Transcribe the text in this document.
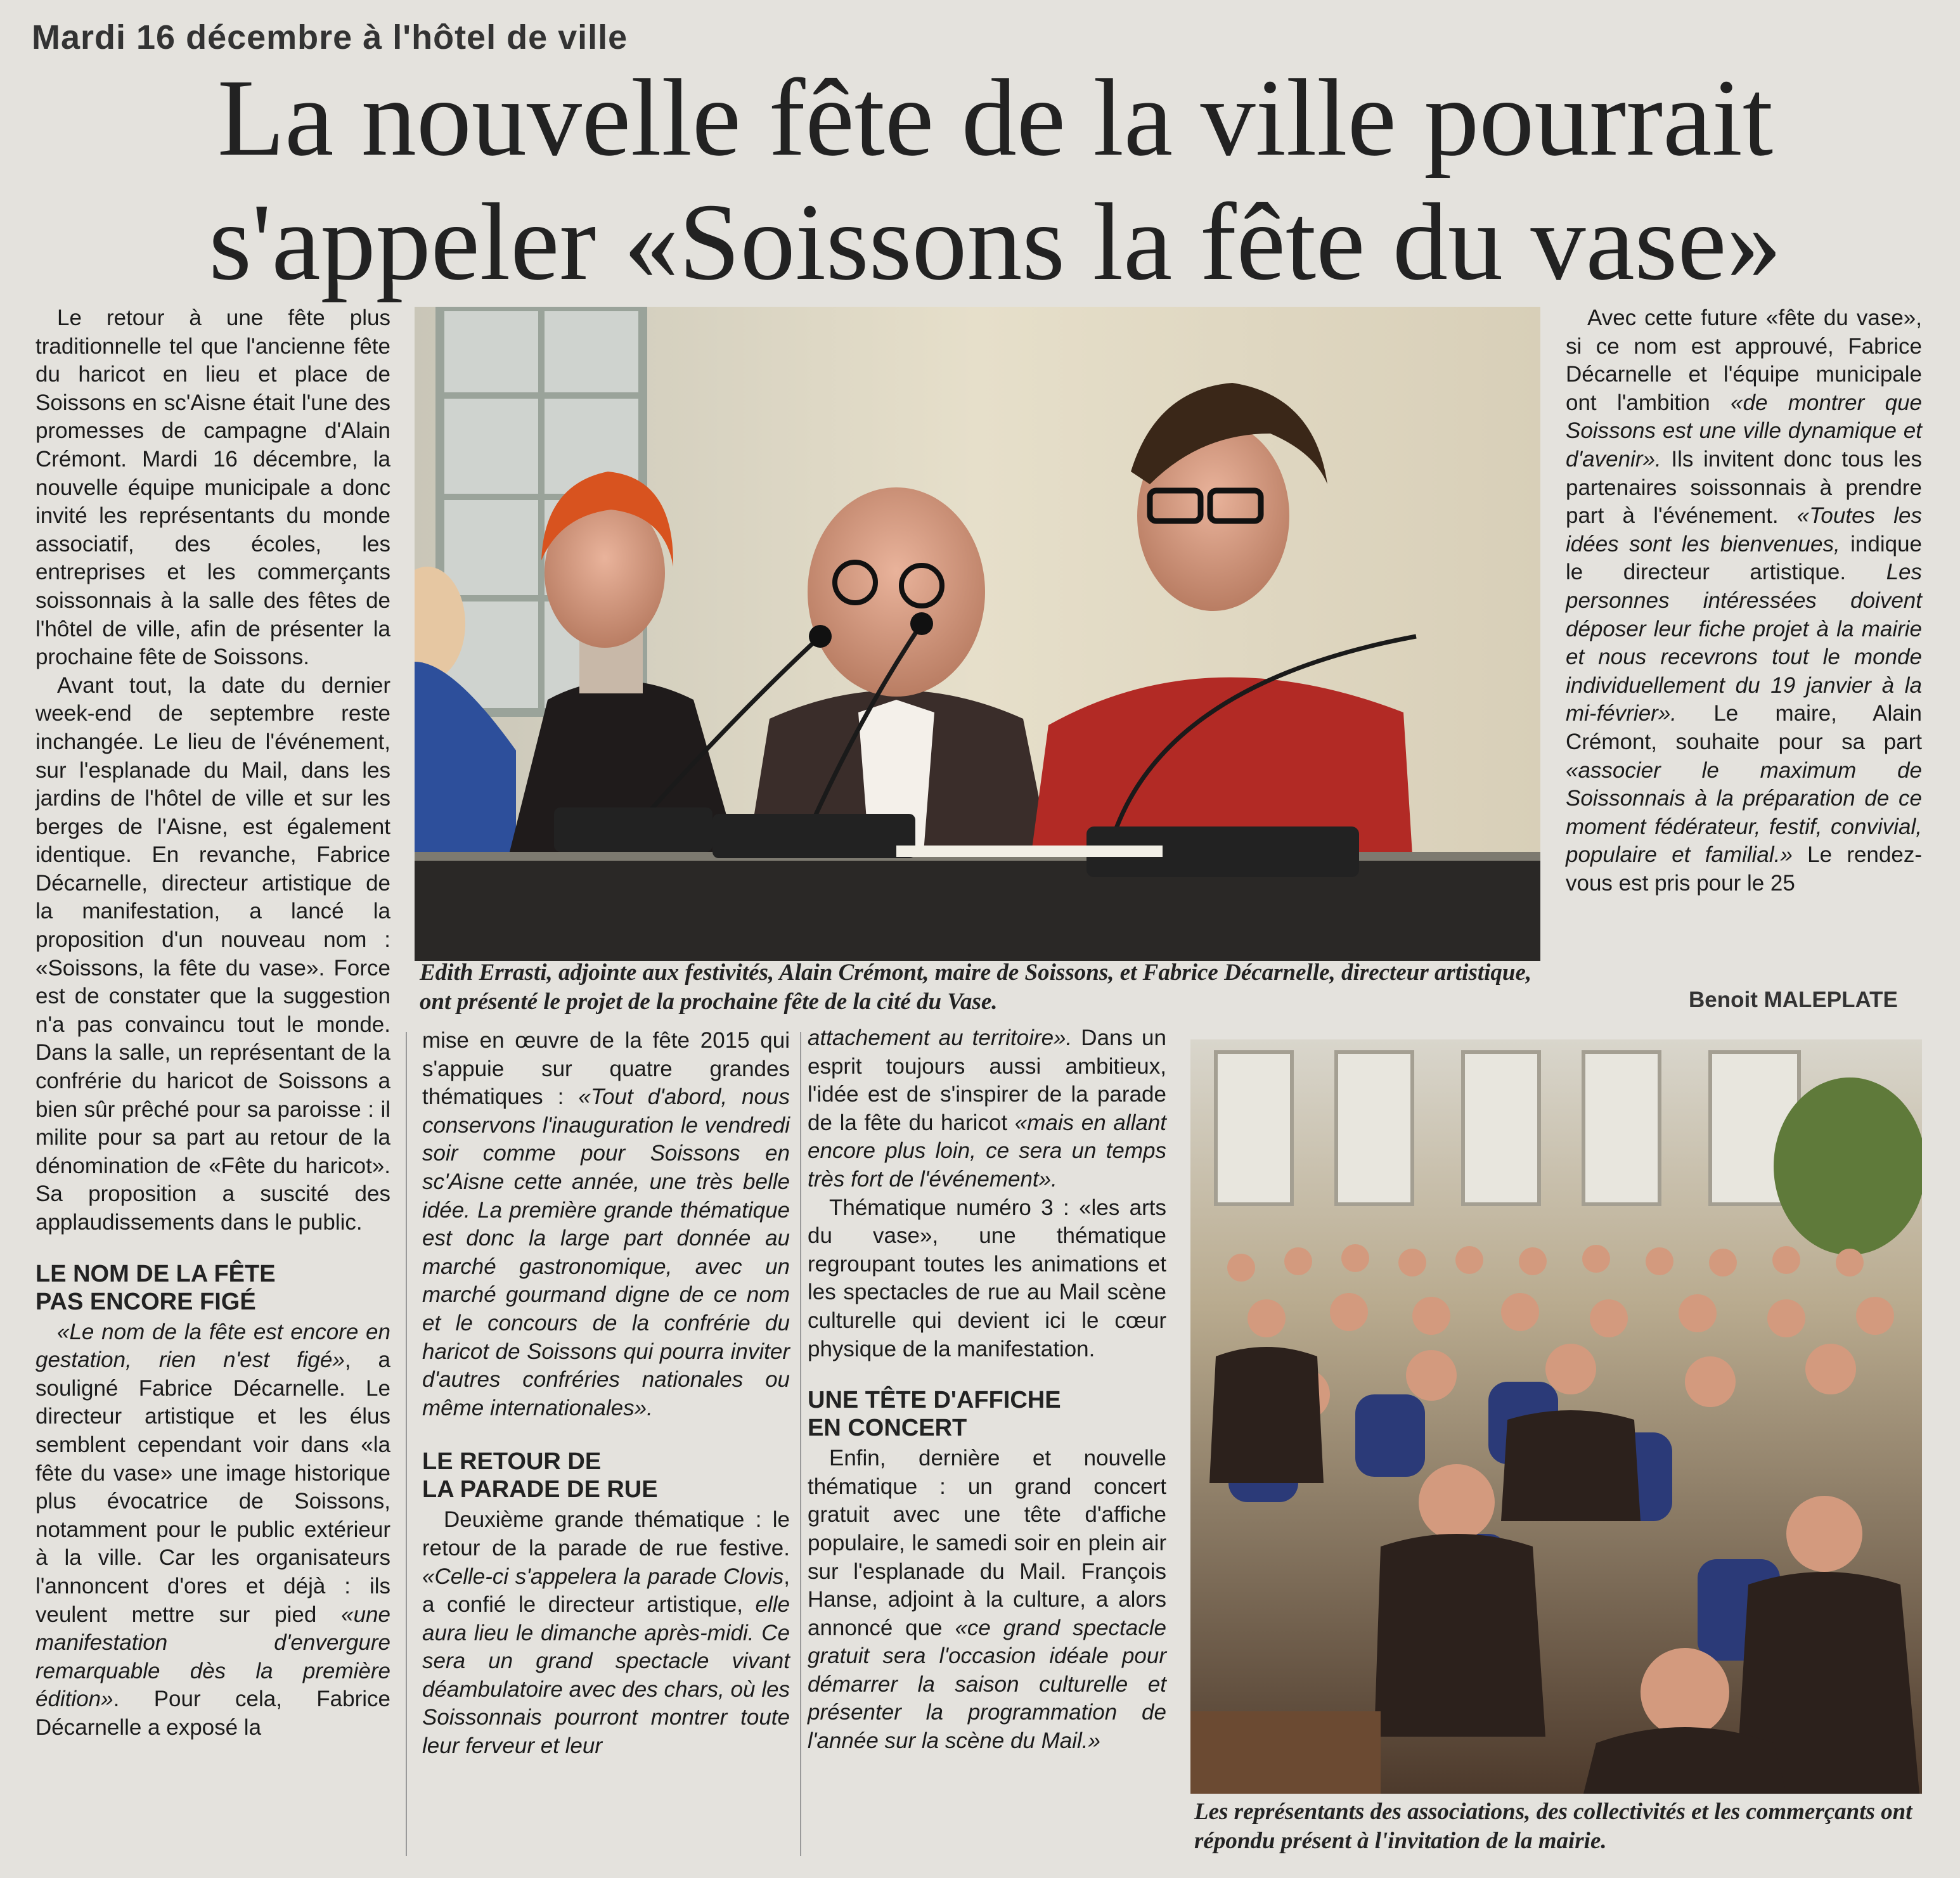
Mardi 16 décembre à l'hôtel de ville
La nouvelle fête de la ville pourrait
s'appeler «Soissons la fête du vase»

Le retour à une fête plus traditionnelle tel que l'ancienne fête du haricot en lieu et place de Soissons en sc'Aisne était l'une des promesses de campagne d'Alain Crémont. Mardi 16 décembre, la nouvelle équipe municipale a donc invité les représentants du monde associatif, des écoles, les entreprises et les commerçants soissonnais à la salle des fêtes de l'hôtel de ville, afin de présenter la prochaine fête de Soissons.

Avant tout, la date du dernier week-end de septembre reste inchangée. Le lieu de l'événement, sur l'esplanade du Mail, dans les jardins de l'hôtel de ville et sur les berges de l'Aisne, est également identique. En revanche, Fabrice Décarnelle, directeur artistique de la manifestation, a lancé la proposition d'un nouveau nom : «Soissons, la fête du vase». Force est de constater que la suggestion n'a pas convaincu tout le monde. Dans la salle, un représentant de la confrérie du haricot de Soissons a bien sûr prêché pour sa paroisse : il milite pour sa part au retour de la dénomination de «Fête du haricot». Sa proposition a suscité des applaudissements dans le public.

LE NOM DE LA FÊTE
PAS ENCORE FIGÉ

«Le nom de la fête est encore en gestation, rien n'est figé», a souligné Fabrice Décarnelle. Le directeur artistique et les élus semblent cependant voir dans «la fête du vase» une image historique plus évocatrice de Soissons, notamment pour le public extérieur à la ville. Car les organisateurs l'annoncent d'ores et déjà : ils veulent mettre sur pied «une manifestation d'envergure remarquable dès la première édition». Pour cela, Fabrice Décarnelle a exposé la

Edith Errasti, adjointe aux festivités, Alain Crémont, maire de Soissons, et Fabrice Décarnelle, directeur artistique, ont présenté le projet de la prochaine fête de la cité du Vase.	Benoit MALEPLATE

mise en œuvre de la fête 2015 qui s'appuie sur quatre grandes thématiques : «Tout d'abord, nous conservons l'inauguration le vendredi soir comme pour Soissons en sc'Aisne cette année, une très belle idée. La première grande thématique est donc la large part donnée au marché gastronomique, avec un marché gourmand digne de ce nom et le concours de la confrérie du haricot de Soissons qui pourra inviter d'autres confréries nationales ou même internationales».

LE RETOUR DE
LA PARADE DE RUE

Deuxième grande thématique : le retour de la parade de rue festive. «Celle-ci s'appelera la parade Clovis, a confié le directeur artistique, elle aura lieu le dimanche après-midi. Ce sera un grand spectacle vivant déambulatoire avec des chars, où les Soissonnais pourront montrer toute leur ferveur et leur

attachement au territoire». Dans un esprit toujours aussi ambitieux, l'idée est de s'inspirer de la parade de la fête du haricot «mais en allant encore plus loin, ce sera un temps très fort de l'événement».

Thématique numéro 3 : «les arts du vase», une thématique regroupant toutes les animations et les spectacles de rue au Mail scène culturelle qui devient ici le cœur physique de la manifestation.

UNE TÊTE D'AFFICHE
EN CONCERT

Enfin, dernière et nouvelle thématique : un grand concert gratuit avec une tête d'affiche populaire, le samedi soir en plein air sur l'esplanade du Mail. François Hanse, adjoint à la culture, a alors annoncé que «ce grand spectacle gratuit sera l'occasion idéale pour démarrer la saison culturelle et présenter la programmation de l'année sur la scène du Mail.»

Avec cette future «fête du vase», si ce nom est approuvé, Fabrice Décarnelle et l'équipe municipale ont l'ambition «de montrer que Soissons est une ville dynamique et d'avenir». Ils invitent donc tous les partenaires soissonnais à prendre part à l'événement. «Toutes les idées sont les bienvenues, indique le directeur artistique. Les personnes intéressées doivent déposer leur fiche projet à la mairie et nous recevrons tout le monde individuellement du 19 janvier à la mi-février». Le maire, Alain Crémont, souhaite pour sa part «associer le maximum de Soissonnais à la préparation de ce moment fédérateur, festif, convivial, populaire et familial.» Le rendez-vous est pris pour le 25

Les représentants des associations, des collectivités et les commerçants ont répondu présent à l'invitation de la mairie.
